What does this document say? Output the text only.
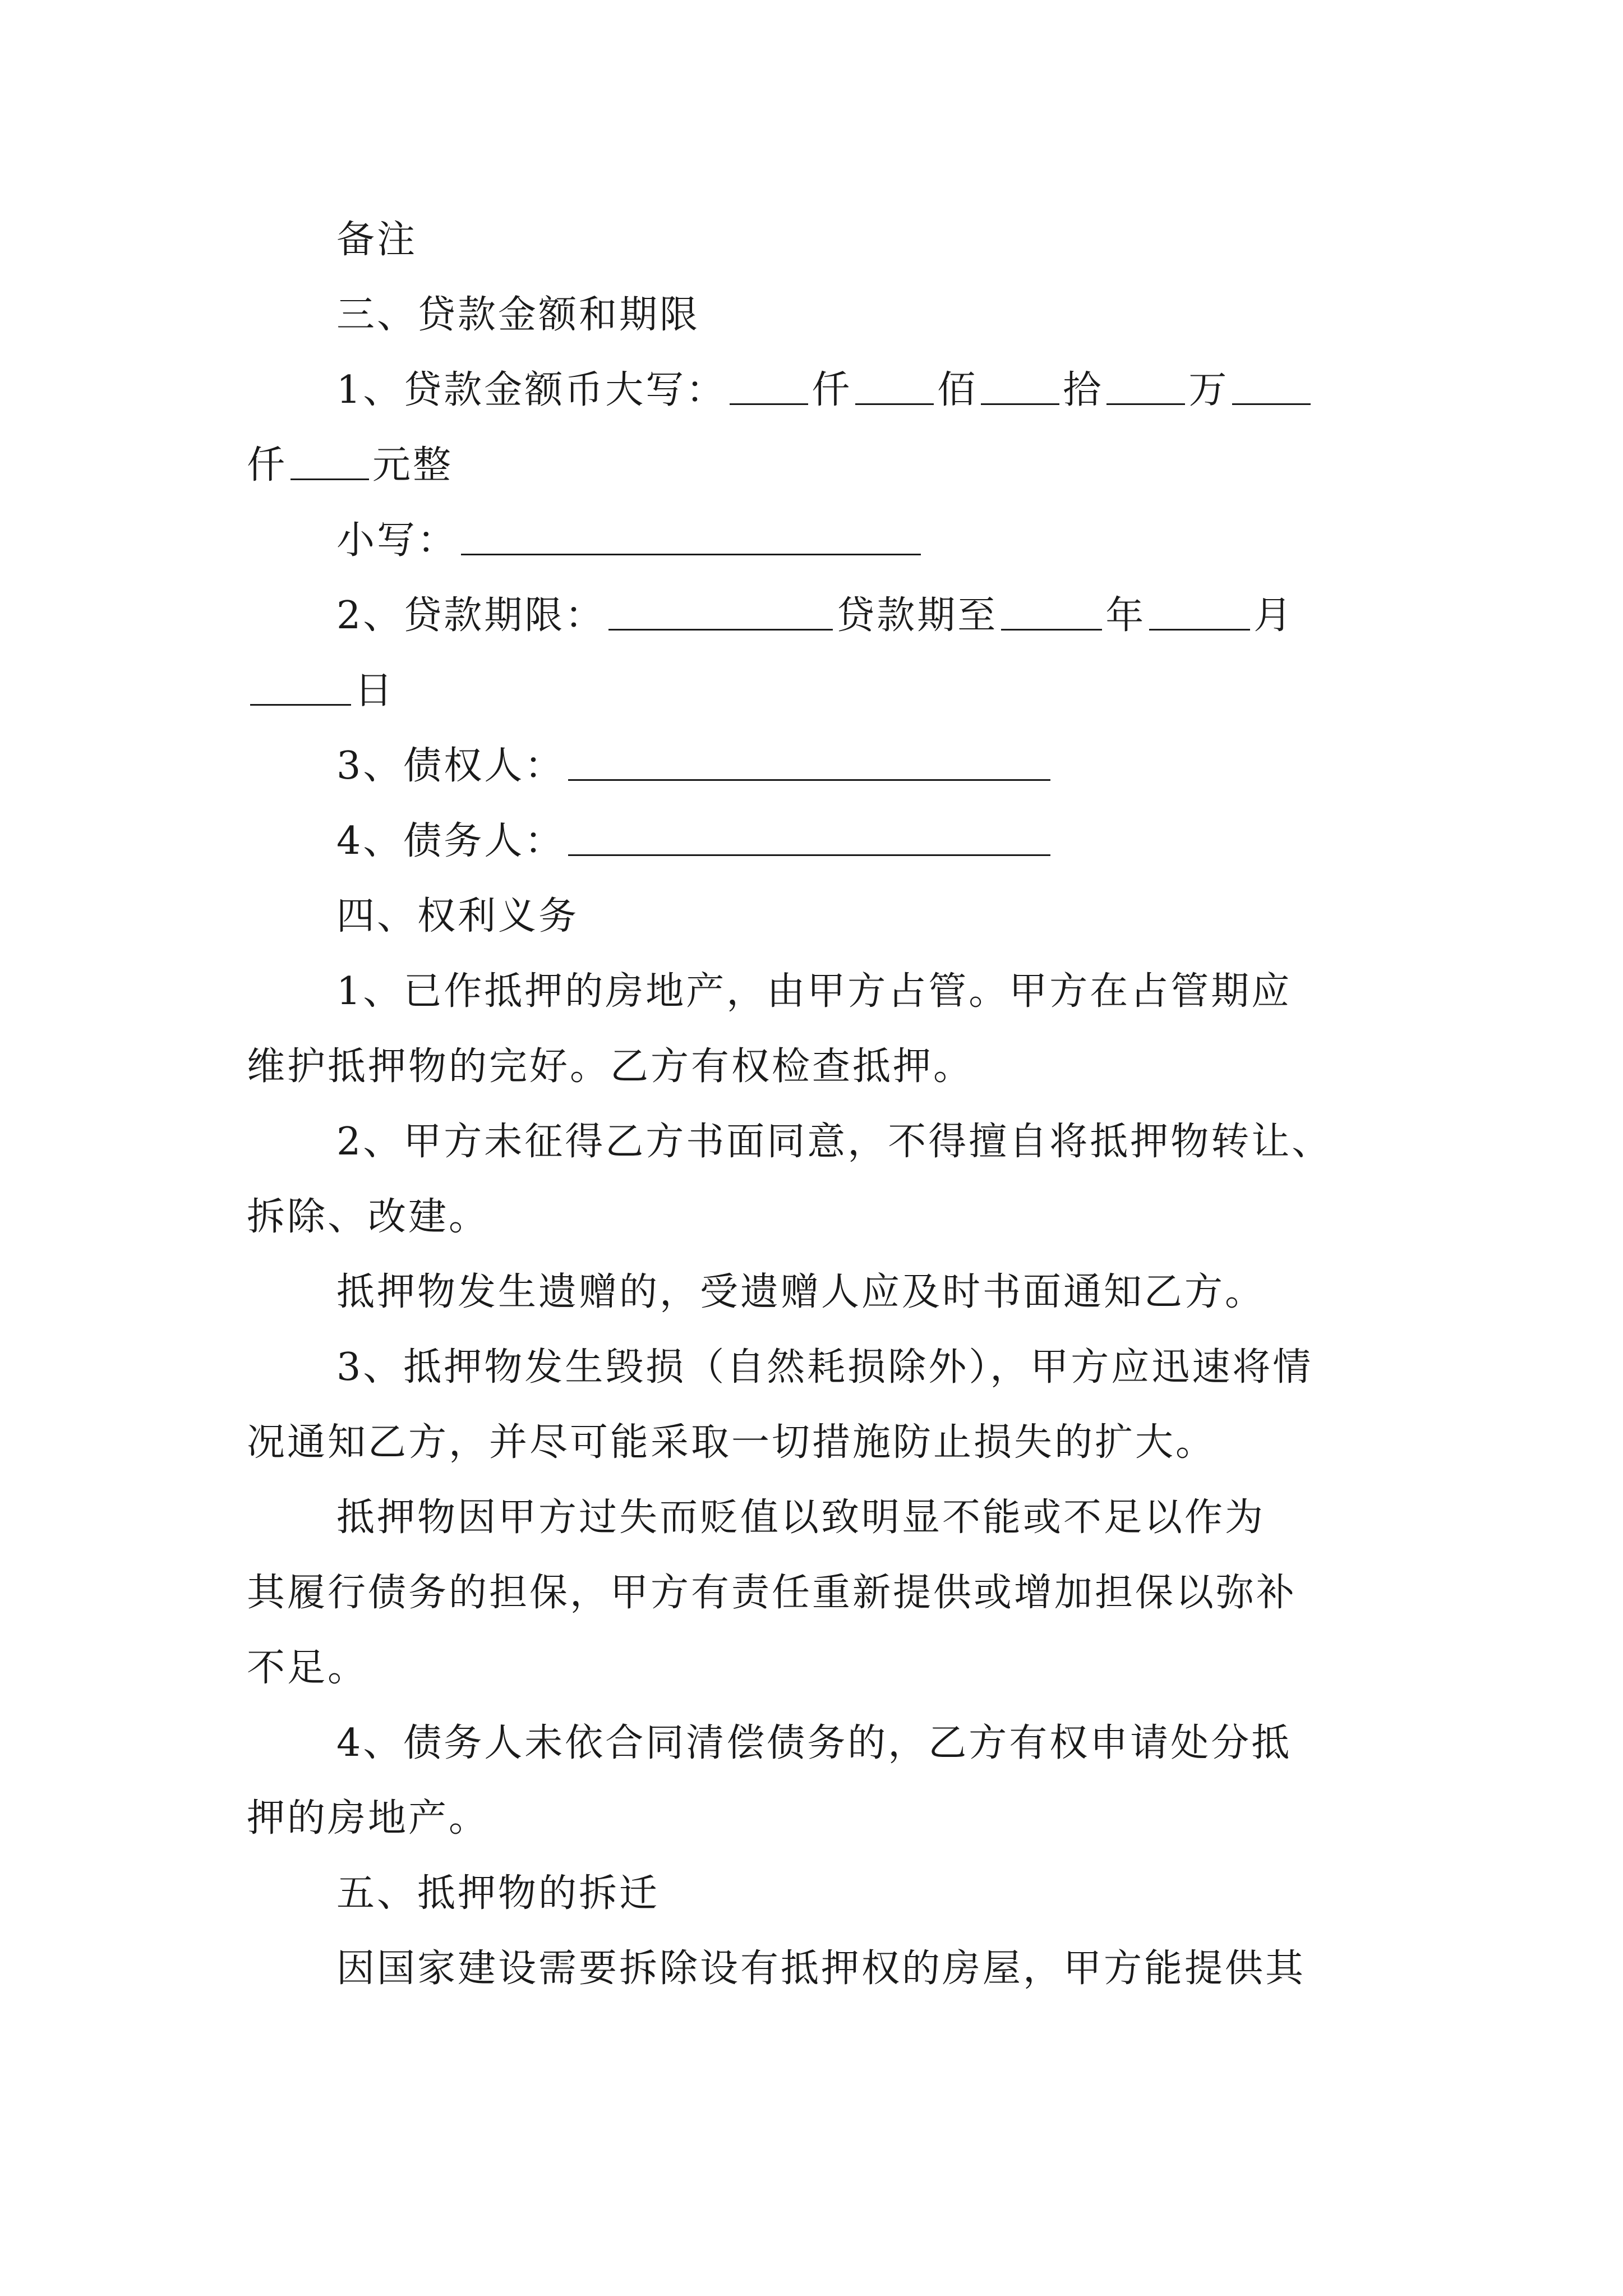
备注
三、贷款金额和期限
1、贷款金额币大写： 仟 佰 拾 万
仟 元整
小写：
2、贷款期限：	贷款期至	年	月
日
3、债权人：
4、债务人：
四、权利义务
1、已作抵押的房地产，由甲方占管。甲方在占管期应
维护抵押物的完好。乙方有权检查抵押。
2、甲方未征得乙方书面同意，不得擅自将抵押物转让、
拆除、改建。
抵押物发生遗赠的，受遗赠人应及时书面通知乙方。
3、抵押物发生毁损（自然耗损除外），甲方应迅速将情
况通知乙方，并尽可能采取一切措施防止损失的扩大。
抵押物因甲方过失而贬值以致明显不能或不足以作为
其履行债务的担保，甲方有责任重新提供或增加担保以弥补
不足。
4、债务人未依合同清偿债务的，乙方有权申请处分抵
押的房地产。
五、抵押物的拆迁
因国家建设需要拆除设有抵押权的房屋，甲方能提供其
